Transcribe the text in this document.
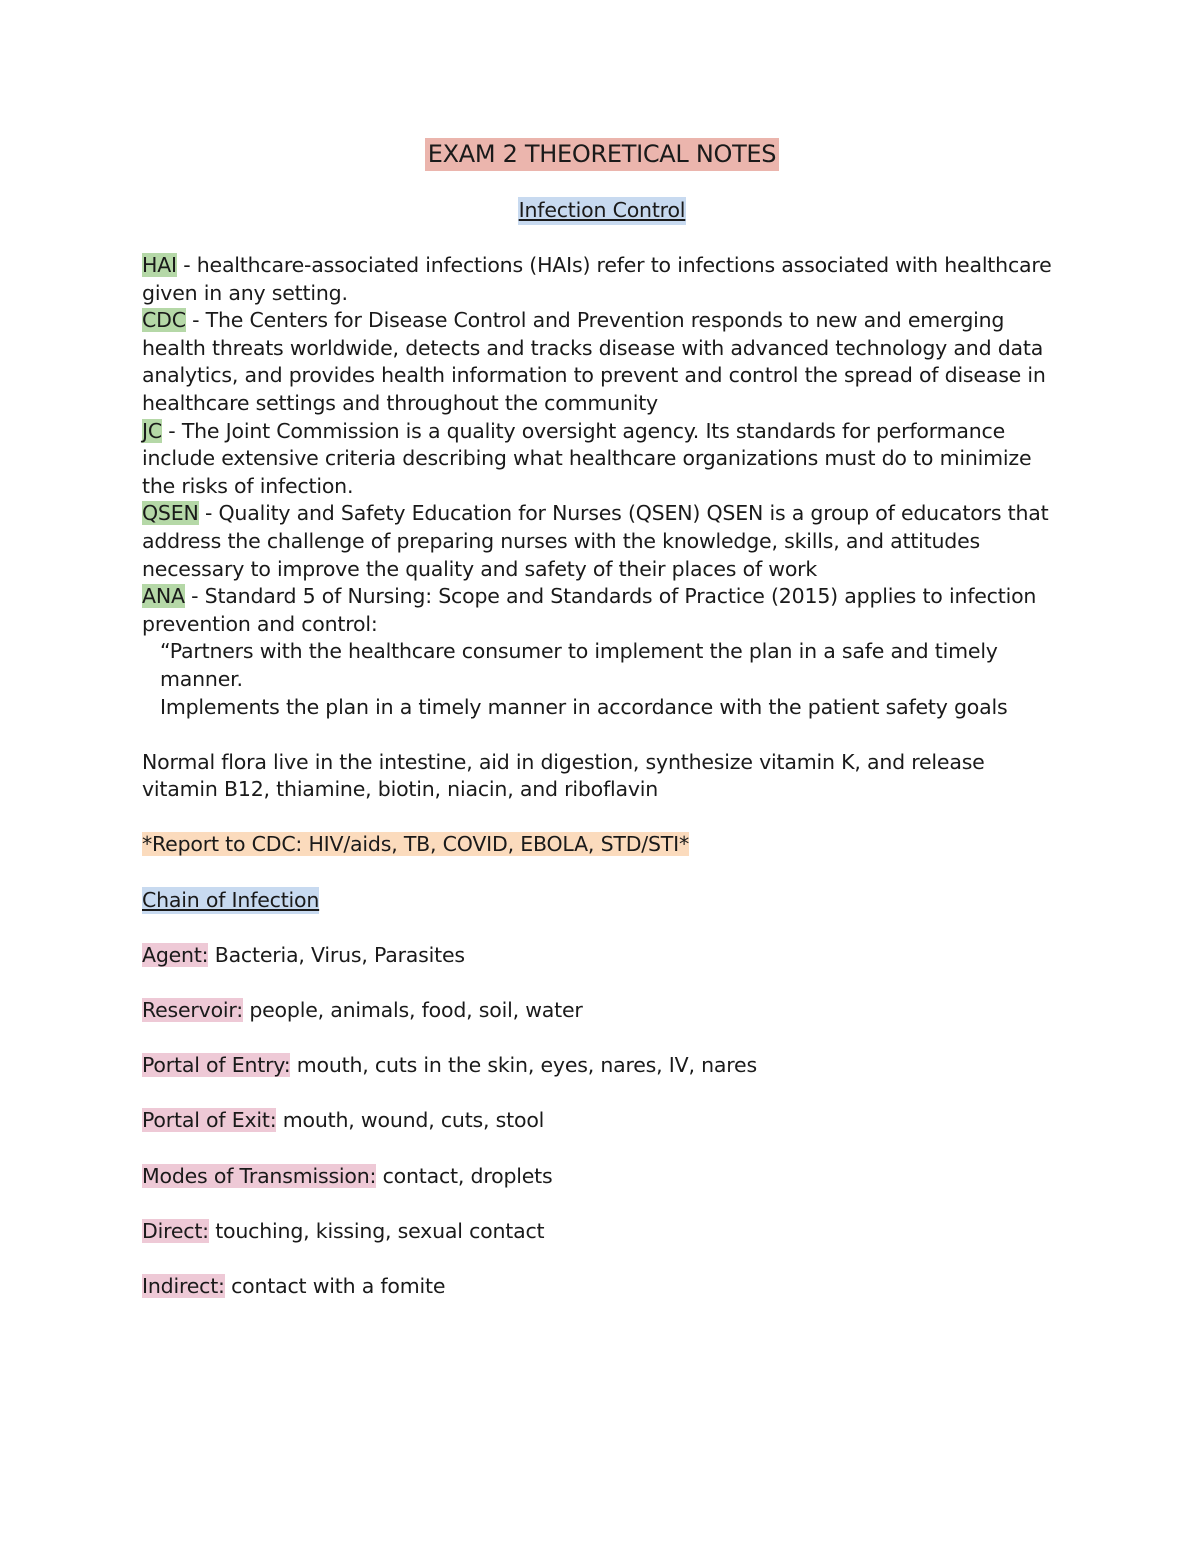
EXAM 2 THEORETICAL NOTES
Infection Control
HAI - healthcare-associated infections (HAIs) refer to infections associated with healthcare given in any setting.
CDC - The Centers for Disease Control and Prevention responds to new and emerging health threats worldwide, detects and tracks disease with advanced technology and data analytics, and provides health information to prevent and control the spread of disease in healthcare settings and throughout the community
JC - The Joint Commission is a quality oversight agency. Its standards for performance include extensive criteria describing what healthcare organizations must do to minimize the risks of infection.
QSEN - Quality and Safety Education for Nurses (QSEN) QSEN is a group of educators that address the challenge of preparing nurses with the knowledge, skills, and attitudes necessary to improve the quality and safety of their places of work
ANA - Standard 5 of Nursing: Scope and Standards of Practice (2015) applies to infection prevention and control:
“Partners with the healthcare consumer to implement the plan in a safe and timely manner.
Implements the plan in a timely manner in accordance with the patient safety goals
Normal flora live in the intestine, aid in digestion, synthesize vitamin K, and release vitamin B12, thiamine, biotin, niacin, and riboflavin
*Report to CDC: HIV/aids, TB, COVID, EBOLA, STD/STI*
Chain of Infection
Agent: Bacteria, Virus, Parasites
Reservoir: people, animals, food, soil, water
Portal of Entry: mouth, cuts in the skin, eyes, nares, IV, nares
Portal of Exit: mouth, wound, cuts, stool
Modes of Transmission: contact, droplets
Direct: touching, kissing, sexual contact
Indirect: contact with a fomite
